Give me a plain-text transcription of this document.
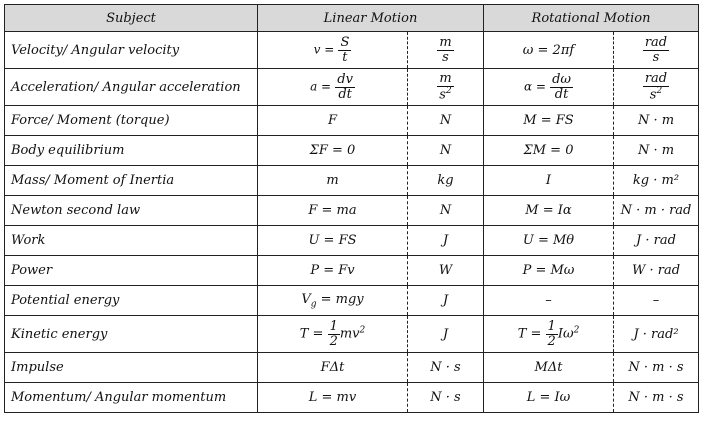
Subject	Linear Motion		Rotational Motion	
Velocity/ Angular velocity	$v = \frac{S}{t}$	$\frac{m}{s}$	ω = 2πf	$\frac{\text{rad}}{s}$

Acceleration/ Angular acceleration	$a = \frac{dv}{dt}$	$\frac{m}{s^2}$	$\alpha = \frac{d\omega}{dt}$	$\frac{\text{rad}}{s^2}$

Force/ Moment (torque)	F	N	M = FS	N · m
Body equilibrium	ΣF = 0	N	ΣM = 0	N · m
Mass/ Moment of Inertia	m	kg	I	kg · m²
Newton second law	F = ma	N	M = Iα	N · m · rad
Work	U = FS	J	U = Mθ	J · rad
Power	P = Fv	W	P = Mω	W · rad
Potential energy	$V_g$ = mgy	J	–	–
Kinetic energy	$T = \frac{1}{2} mv^2$	J	$T = \frac{1}{2} I\omega^2$	J · rad²
Impulse	FΔt	N · s	MΔt	N · m · s
Momentum/ Angular momentum	L = mv	N · s	L = Iω	N · m · s
